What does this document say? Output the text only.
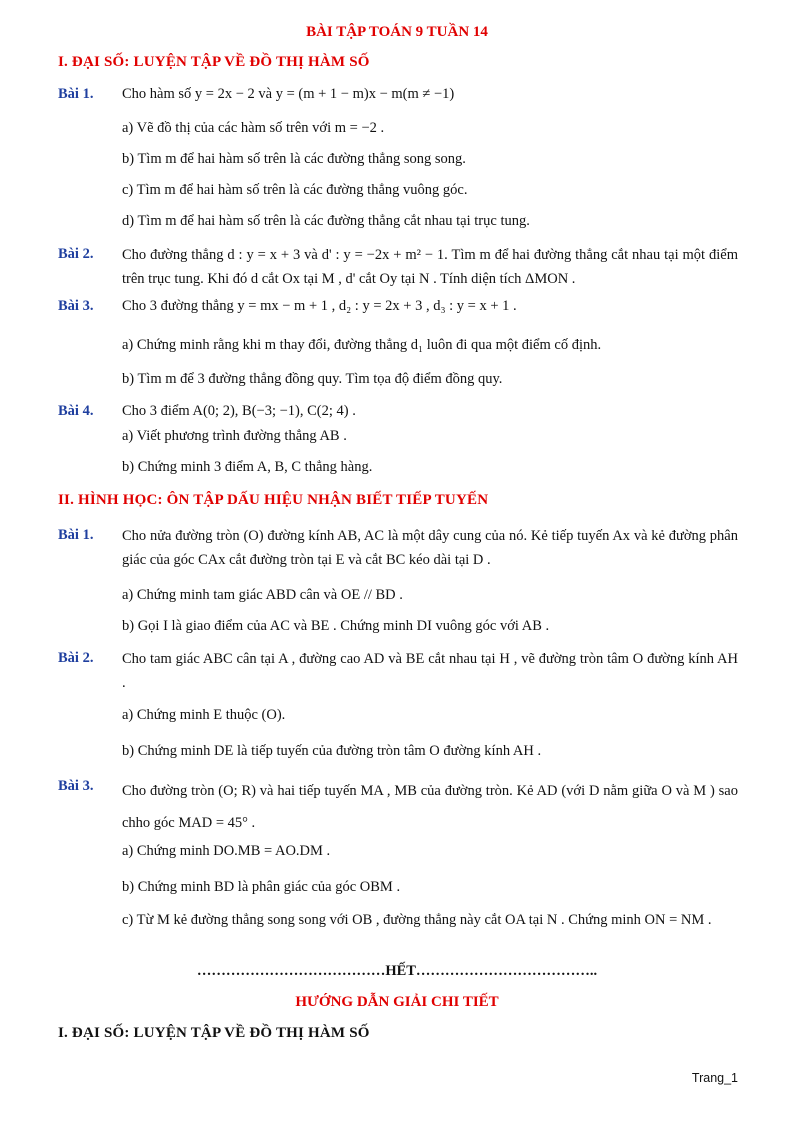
BÀI TẬP TOÁN 9 TUẦN 14
I. ĐẠI SỐ: LUYỆN TẬP VỀ ĐỒ THỊ HÀM SỐ
Bài 1. Cho hàm số y = 2x − 2 và y = (m + 1 − m)x − m(m ≠ −1)
a) Vẽ đồ thị của các hàm số trên với m = −2 .
b) Tìm m để hai hàm số trên là các đường thẳng song song.
c) Tìm m để hai hàm số trên là các đường thẳng vuông góc.
d) Tìm m để hai hàm số trên là các đường thẳng cắt nhau tại trục tung.
Bài 2. Cho đường thẳng d : y = x + 3 và d' : y = −2x + m² − 1. Tìm m để hai đường thẳng cắt nhau tại một điểm trên trục tung. Khi đó d cắt Ox tại M , d' cắt Oy tại N . Tính diện tích ΔMON .
Bài 3. Cho 3 đường thẳng y = mx − m + 1 , d₂ : y = 2x + 3 , d₃ : y = x + 1 .
a) Chứng minh rằng khi m thay đổi, đường thẳng d₁ luôn đi qua một điểm cố định.
b) Tìm m để 3 đường thẳng đồng quy. Tìm tọa độ điểm đồng quy.
Bài 4. Cho 3 điểm A(0; 2), B(−3; −1), C(2; 4) .
a) Viết phương trình đường thẳng AB .
b) Chứng minh 3 điểm A, B, C thẳng hàng.
II. HÌNH HỌC: ÔN TẬP DẤU HIỆU NHẬN BIẾT TIẾP TUYẾN
Bài 1. Cho nửa đường tròn (O) đường kính AB, AC là một dây cung của nó. Kẻ tiếp tuyến Ax và kẻ đường phân giác của góc CAx cắt đường tròn tại E và cắt BC kéo dài tại D .
a) Chứng minh tam giác ABD cân và OE // BD .
b) Gọi I là giao điểm của AC và BE . Chứng minh DI vuông góc với AB .
Bài 2. Cho tam giác ABC cân tại A , đường cao AD và BE cắt nhau tại H , vẽ đường tròn tâm O đường kính AH .
a) Chứng minh E thuộc (O).
b) Chứng minh DE là tiếp tuyến của đường tròn tâm O đường kính AH .
Bài 3. Cho đường tròn (O; R) và hai tiếp tuyến MA , MB của đường tròn. Kẻ AD (với D nằm giữa O và M ) sao chho góc MAD = 45° .
a) Chứng minh DO.MB = AO.DM .
b) Chứng minh BD là phân giác của góc OBM .
c) Từ M kẻ đường thẳng song song với OB , đường thẳng này cắt OA tại N . Chứng minh ON = NM .
…………………………………HẾT………………………………..
HƯỚNG DẪN GIẢI CHI TIẾT
I. ĐẠI SỐ: LUYỆN TẬP VỀ ĐỒ THỊ HÀM SỐ
Trang_1
